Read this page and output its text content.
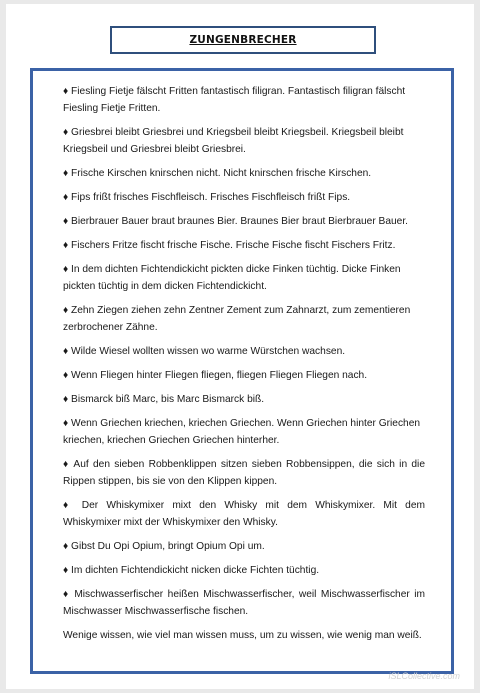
ZUNGENBRECHER

♦ Fiesling Fietje fälscht Fritten fantastisch filigran. Fantastisch filigran fälscht Fiesling Fietje Fritten.

♦ Griesbrei bleibt Griesbrei und Kriegsbeil bleibt Kriegsbeil. Kriegsbeil bleibt Kriegsbeil und Griesbrei bleibt Griesbrei.

♦ Frische Kirschen knirschen nicht. Nicht knirschen frische Kirschen.

♦ Fips frißt frisches Fischfleisch. Frisches Fischfleisch frißt Fips.

♦ Bierbrauer Bauer braut braunes Bier. Braunes Bier braut Bierbrauer Bauer.

♦ Fischers Fritze fischt frische Fische. Frische Fische fischt Fischers Fritz.

♦ In dem dichten Fichtendickicht pickten dicke Finken tüchtig. Dicke Finken pickten tüchtig in dem dicken Fichtendickicht.

♦ Zehn Ziegen ziehen zehn Zentner Zement zum Zahnarzt, zum zementieren zerbrochener Zähne.

♦ Wilde Wiesel wollten wissen wo warme Würstchen wachsen.

♦ Wenn Fliegen hinter Fliegen fliegen, fliegen Fliegen Fliegen nach.

♦ Bismarck biß Marc, bis Marc Bismarck biß.

♦ Wenn Griechen kriechen, kriechen Griechen. Wenn Griechen hinter Griechen kriechen, kriechen Griechen Griechen hinterher.

♦ Auf den sieben Robbenklippen sitzen sieben Robbensippen, die sich in die Rippen stippen, bis sie von den Klippen kippen.

♦ Der Whiskymixer mixt den Whisky mit dem Whiskymixer. Mit dem Whiskymixer mixt der Whiskymixer den Whisky.

♦ Gibst Du Opi Opium, bringt Opium Opi um.

♦ Im dichten Fichtendickicht nicken dicke Fichten tüchtig.

♦ Mischwasserfischer heißen Mischwasserfischer, weil Mischwasserfischer im Mischwasser Mischwasserfische fischen.

Wenige wissen, wie viel man wissen muss, um zu wissen, wie wenig man weiß.

iSLCollective.com
